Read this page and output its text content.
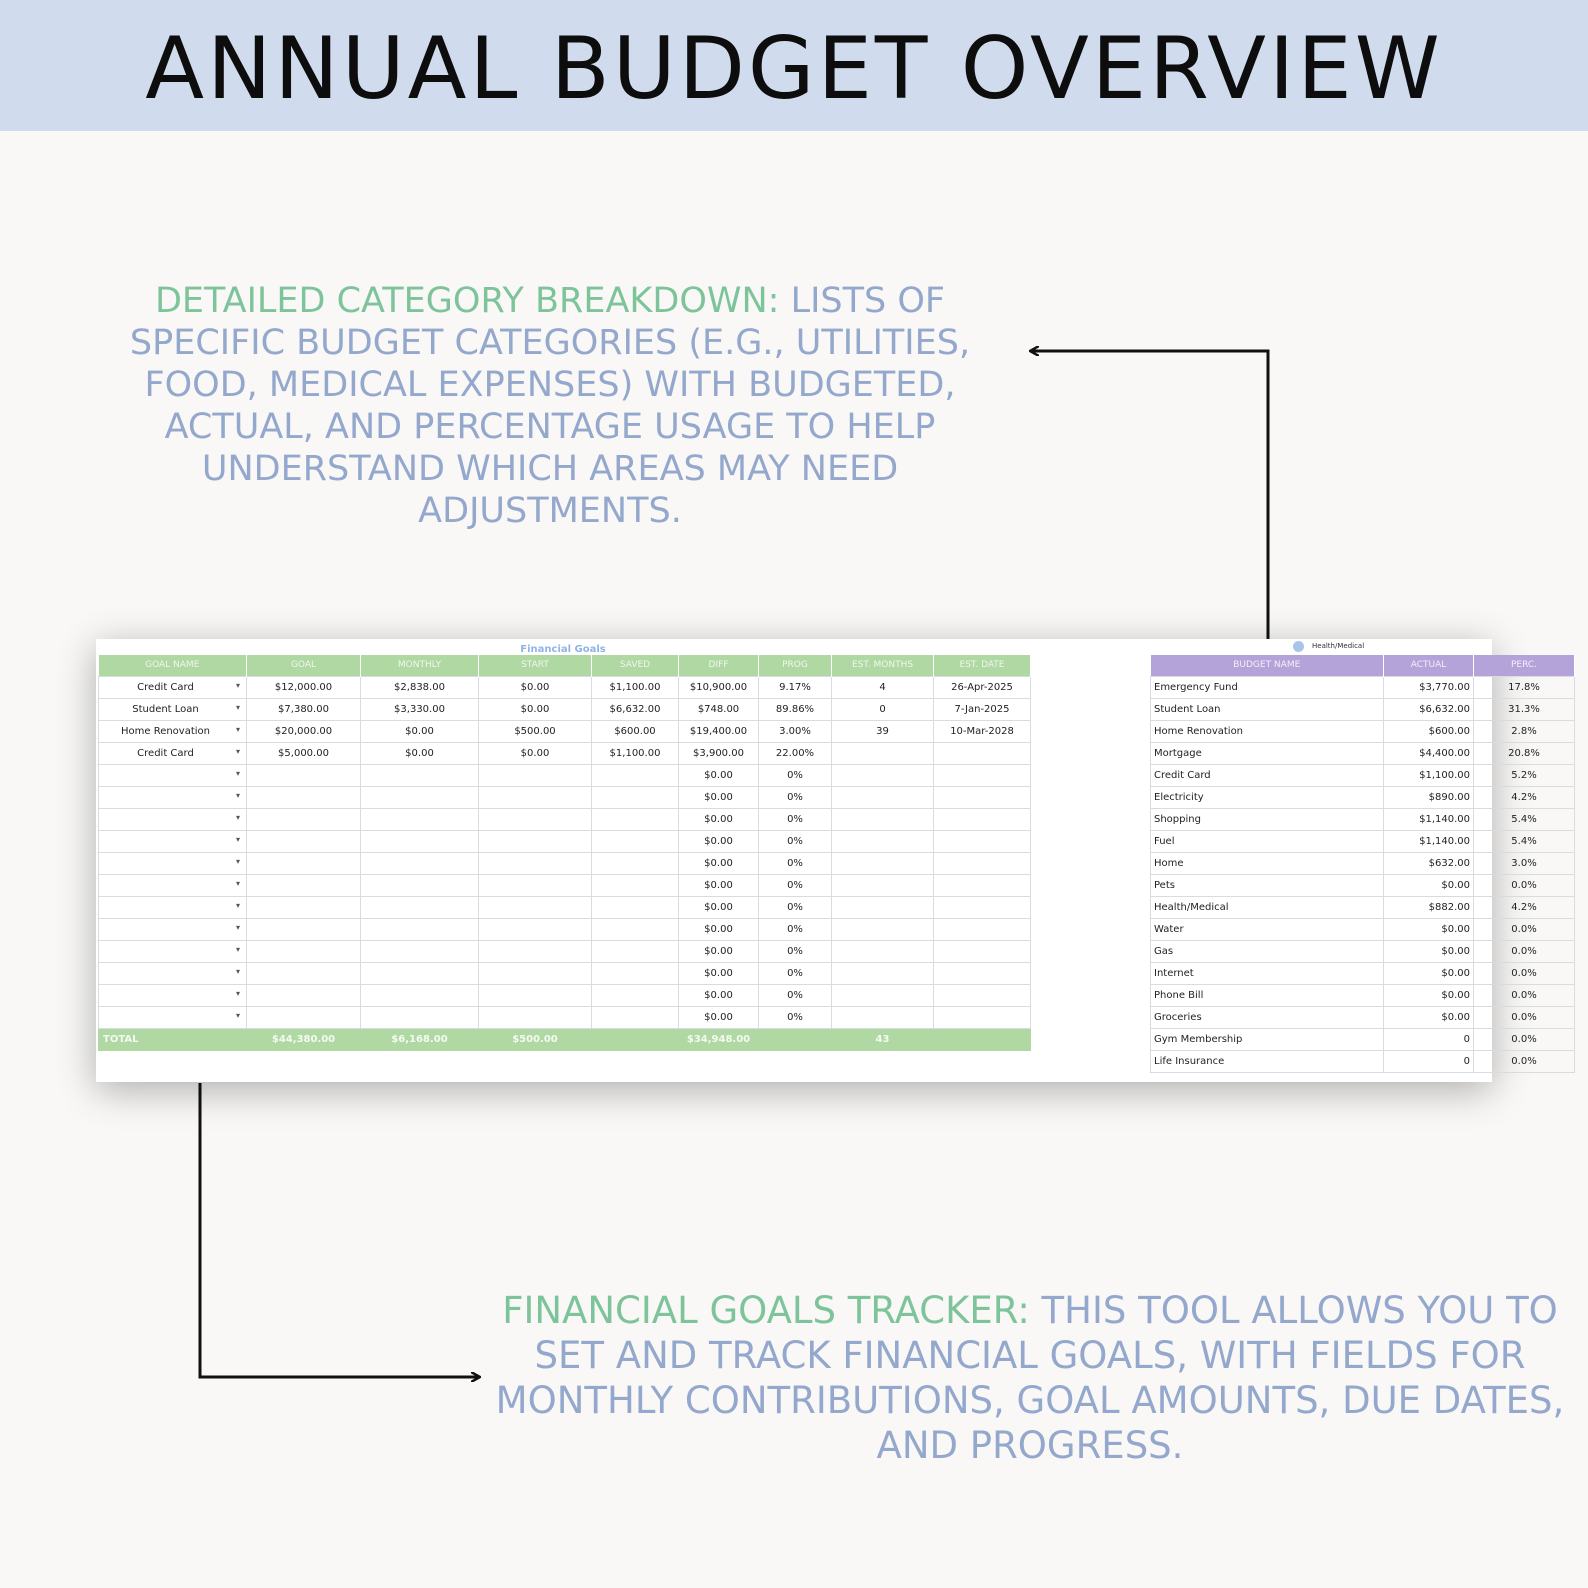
ANNUAL BUDGET OVERVIEW
DETAILED CATEGORY BREAKDOWN: LISTS OF SPECIFIC BUDGET CATEGORIES (E.G., UTILITIES, FOOD, MEDICAL EXPENSES) WITH BUDGETED, ACTUAL, AND PERCENTAGE USAGE TO HELP UNDERSTAND WHICH AREAS MAY NEED ADJUSTMENTS.
FINANCIAL GOALS TRACKER: THIS TOOL ALLOWS YOU TO SET AND TRACK FINANCIAL GOALS, WITH FIELDS FOR MONTHLY CONTRIBUTIONS, GOAL AMOUNTS, DUE DATES, AND PROGRESS.
Financial Goals
GOAL NAME	GOAL	MONTHLY	START	SAVED	DIFF	PROG	EST. MONTHS	EST. DATE
Credit Card ▾	$12,000.00	$2,838.00	$0.00	$1,100.00	$10,900.00	9.17%	4	26-Apr-2025
Student Loan ▾	$7,380.00	$3,330.00	$0.00	$6,632.00	$748.00	89.86%	0	7-Jan-2025
Home Renovation ▾	$20,000.00	$0.00	$500.00	$600.00	$19,400.00	3.00%	39	10-Mar-2028
Credit Card ▾	$5,000.00	$0.00	$0.00	$1,100.00	$3,900.00	22.00%		

▾					$0.00	0%		

▾					$0.00	0%		

▾					$0.00	0%		

▾					$0.00	0%		

▾					$0.00	0%		

▾					$0.00	0%		

▾					$0.00	0%		

▾					$0.00	0%		

▾					$0.00	0%		

▾					$0.00	0%		

▾					$0.00	0%		

▾					$0.00	0%		
TOTAL	$44,380.00	$6,168.00	$500.00		$34,948.00		43	
Health/Medical
BUDGET NAME	ACTUAL	PERC.
Emergency Fund	$3,770.00	17.8%
Student Loan	$6,632.00	31.3%
Home Renovation	$600.00	2.8%
Mortgage	$4,400.00	20.8%
Credit Card	$1,100.00	5.2%
Electricity	$890.00	4.2%
Shopping	$1,140.00	5.4%
Fuel	$1,140.00	5.4%
Home	$632.00	3.0%
Pets	$0.00	0.0%
Health/Medical	$882.00	4.2%
Water	$0.00	0.0%
Gas	$0.00	0.0%
Internet	$0.00	0.0%
Phone Bill	$0.00	0.0%
Groceries	$0.00	0.0%
Gym Membership	0	0.0%
Life Insurance	0	0.0%
